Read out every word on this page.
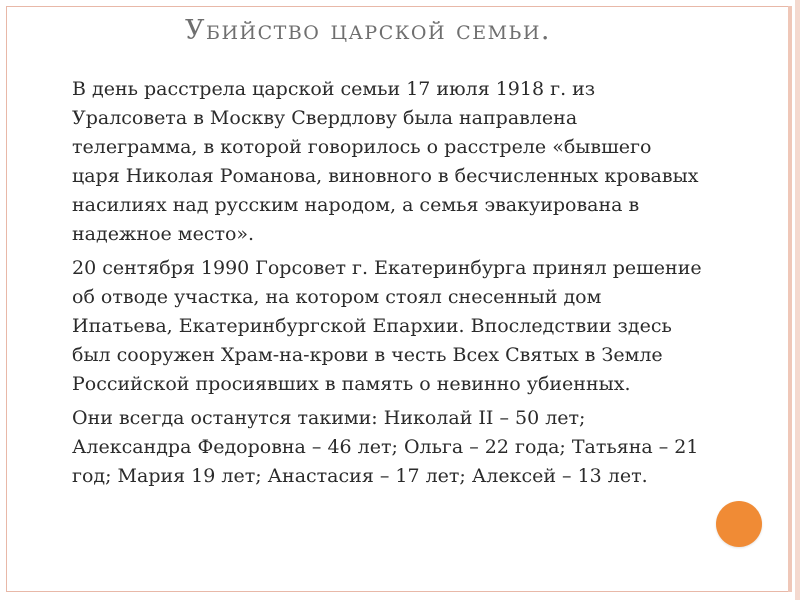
Убийство царской семьи.
В день расстрела царской семьи 17 июля 1918 г. из Уралсовета в Москву Свердлову была направлена телеграмма, в которой говорилось о расстреле «бывшего царя Николая Романова, виновного в бесчисленных кровавых насилиях над русским народом, а семья эвакуирована в надежное место».
20 сентября 1990 Горсовет г. Екатеринбурга принял решение об отводе участка, на котором стоял снесенный дом Ипатьева, Екатеринбургской Епархии. Впоследствии здесь был сооружен Храм-на-крови в честь Всех Святых в Земле Российской просиявших в память о невинно убиенных.
Они всегда останутся такими: Николай II – 50 лет; Александра Федоровна – 46 лет; Ольга – 22 года; Татьяна – 21 год; Мария 19 лет; Анастасия – 17 лет; Алексей – 13 лет.
